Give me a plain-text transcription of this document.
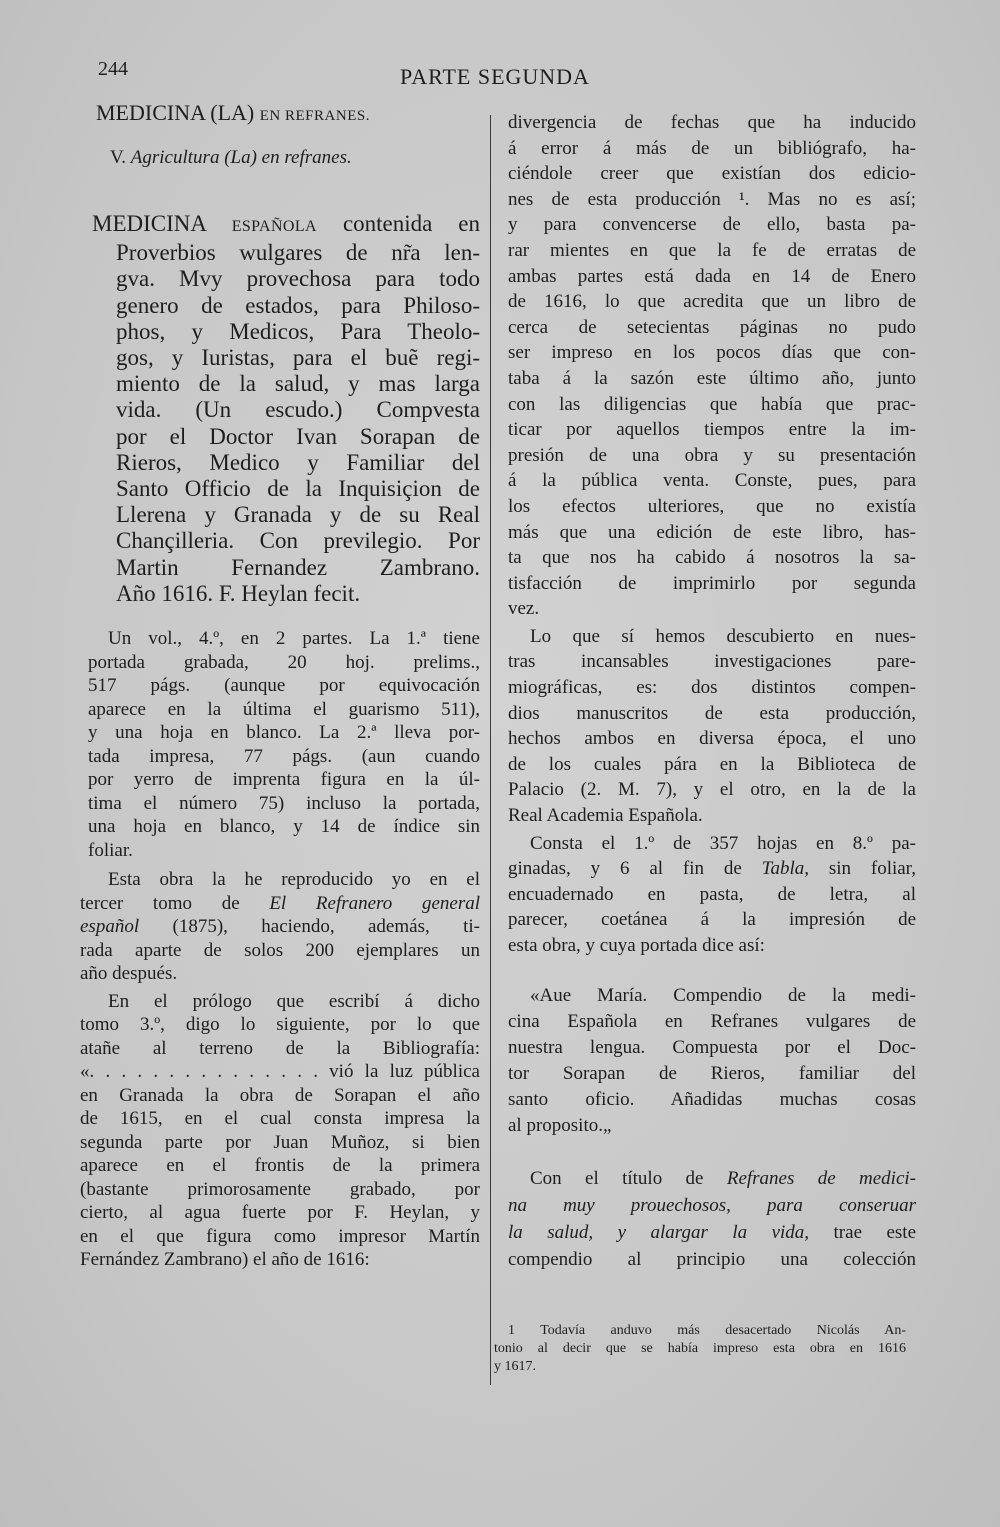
244	PARTE SEGUNDA
MEDICINA (LA) EN REFRANES.
V. Agricultura (La) en refranes.
MEDICINA ESPAÑOLA contenida en
Proverbios wulgares de nr̃a len-
gva. Mvy provechosa para todo
genero de estados, para Philoso-
phos, y Medicos, Para Theolo-
gos, y Iuristas, para el buẽ regi-
miento de la salud, y mas larga
vida. (Un escudo.) Compvesta
por el Doctor Ivan Sorapan de
Rieros, Medico y Familiar del
Santo Officio de la Inquisiçion de
Llerena y Granada y de su Real
Chançilleria. Con previlegio. Por
Martin Fernandez Zambrano.
Año 1616. F. Heylan fecit.
Un vol., 4.º, en 2 partes. La 1.ª tiene
portada grabada, 20 hoj. prelims.,
517 págs. (aunque por equivocación
aparece en la última el guarismo 511),
y una hoja en blanco. La 2.ª lleva por-
tada impresa, 77 págs. (aun cuando
por yerro de imprenta figura en la úl-
tima el número 75) incluso la portada,
una hoja en blanco, y 14 de índice sin
foliar.
Esta obra la he reproducido yo en el
tercer tomo de El Refranero general
español (1875), haciendo, además, ti-
rada aparte de solos 200 ejemplares un
año después.
En el prólogo que escribí á dicho
tomo 3.º, digo lo siguiente, por lo que
atañe al terreno de la Bibliografía:
«. . . . . . . . . . . . . . . vió la luz pública
en Granada la obra de Sorapan el año
de 1615, en el cual consta impresa la
segunda parte por Juan Muñoz, si bien
aparece en el frontis de la primera
(bastante primorosamente grabado, por
cierto, al agua fuerte por F. Heylan, y
en el que figura como impresor Martín
Fernández Zambrano) el año de 1616:
divergencia de fechas que ha inducido
á error á más de un bibliógrafo, ha-
ciéndole creer que existían dos edicio-
nes de esta producción ¹. Mas no es así;
y para convencerse de ello, basta pa-
rar mientes en que la fe de erratas de
ambas partes está dada en 14 de Enero
de 1616, lo que acredita que un libro de
cerca de setecientas páginas no pudo
ser impreso en los pocos días que con-
taba á la sazón este último año, junto
con las diligencias que había que prac-
ticar por aquellos tiempos entre la im-
presión de una obra y su presentación
á la pública venta. Conste, pues, para
los efectos ulteriores, que no existía
más que una edición de este libro, has-
ta que nos ha cabido á nosotros la sa-
tisfacción de imprimirlo por segunda
vez.
Lo que sí hemos descubierto en nues-
tras incansables investigaciones pare-
miográficas, es: dos distintos compen-
dios manuscritos de esta producción,
hechos ambos en diversa época, el uno
de los cuales pára en la Biblioteca de
Palacio (2. M. 7), y el otro, en la de la
Real Academia Española.
Consta el 1.º de 357 hojas en 8.º pa-
ginadas, y 6 al fin de Tabla, sin foliar,
encuadernado en pasta, de letra, al
parecer, coetánea á la impresión de
esta obra, y cuya portada dice así:
«Aue María. Compendio de la medi-
cina Española en Refranes vulgares de
nuestra lengua. Compuesta por el Doc-
tor Sorapan de Rieros, familiar del
santo oficio. Añadidas muchas cosas
al proposito.„
Con el título de Refranes de medici-
na muy prouechosos, para conseruar
la salud, y alargar la vida, trae este
compendio al principio una colección
1 Todavía anduvo más desacertado Nicolás An-
tonio al decir que se había impreso esta obra en 1616
y 1617.
